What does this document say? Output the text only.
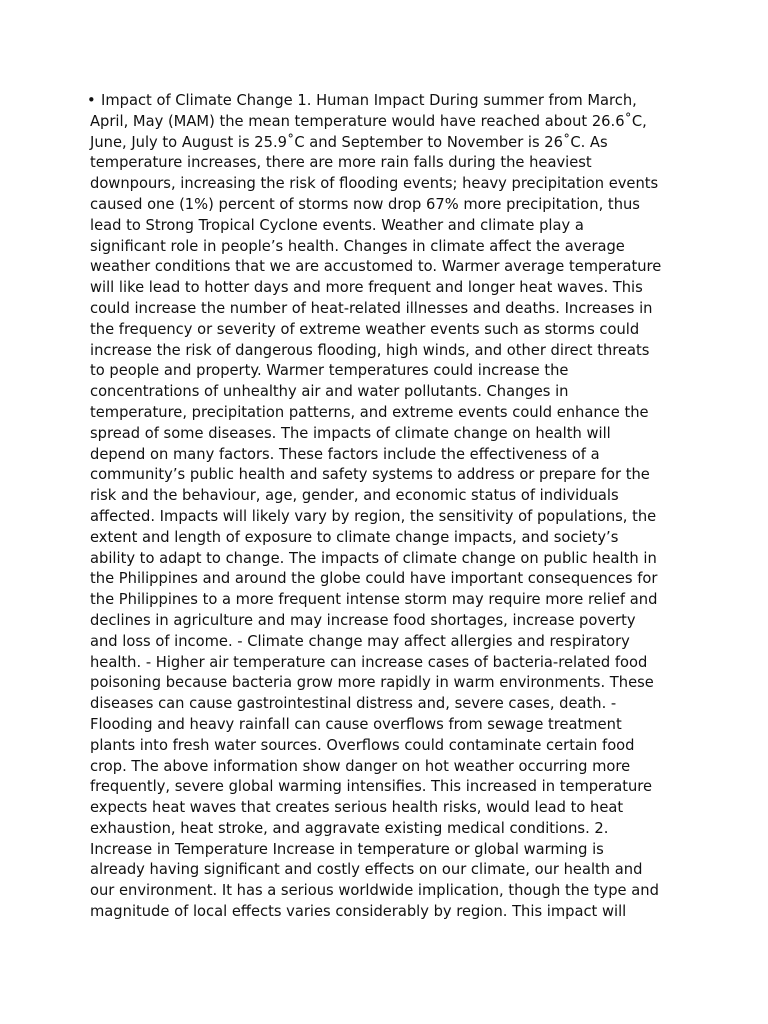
• Impact of Climate Change 1. Human Impact During summer from March,
April, May (MAM) the mean temperature would have reached about 26.6˚C,
June, July to August is 25.9˚C and September to November is 26˚C. As
temperature increases, there are more rain falls during the heaviest
downpours, increasing the risk of flooding events; heavy precipitation events
caused one (1%) percent of storms now drop 67% more precipitation, thus
lead to Strong Tropical Cyclone events. Weather and climate play a
significant role in people’s health. Changes in climate affect the average
weather conditions that we are accustomed to. Warmer average temperature
will like lead to hotter days and more frequent and longer heat waves. This
could increase the number of heat-related illnesses and deaths. Increases in
the frequency or severity of extreme weather events such as storms could
increase the risk of dangerous flooding, high winds, and other direct threats
to people and property. Warmer temperatures could increase the
concentrations of unhealthy air and water pollutants. Changes in
temperature, precipitation patterns, and extreme events could enhance the
spread of some diseases. The impacts of climate change on health will
depend on many factors. These factors include the effectiveness of a
community’s public health and safety systems to address or prepare for the
risk and the behaviour, age, gender, and economic status of individuals
affected. Impacts will likely vary by region, the sensitivity of populations, the
extent and length of exposure to climate change impacts, and society’s
ability to adapt to change. The impacts of climate change on public health in
the Philippines and around the globe could have important consequences for
the Philippines to a more frequent intense storm may require more relief and
declines in agriculture and may increase food shortages, increase poverty
and loss of income. - Climate change may affect allergies and respiratory
health. - Higher air temperature can increase cases of bacteria-related food
poisoning because bacteria grow more rapidly in warm environments. These
diseases can cause gastrointestinal distress and, severe cases, death. -
Flooding and heavy rainfall can cause overflows from sewage treatment
plants into fresh water sources. Overflows could contaminate certain food
crop. The above information show danger on hot weather occurring more
frequently, severe global warming intensifies. This increased in temperature
expects heat waves that creates serious health risks, would lead to heat
exhaustion, heat stroke, and aggravate existing medical conditions. 2.
Increase in Temperature Increase in temperature or global warming is
already having significant and costly effects on our climate, our health and
our environment. It has a serious worldwide implication, though the type and
magnitude of local effects varies considerably by region. This impact will
